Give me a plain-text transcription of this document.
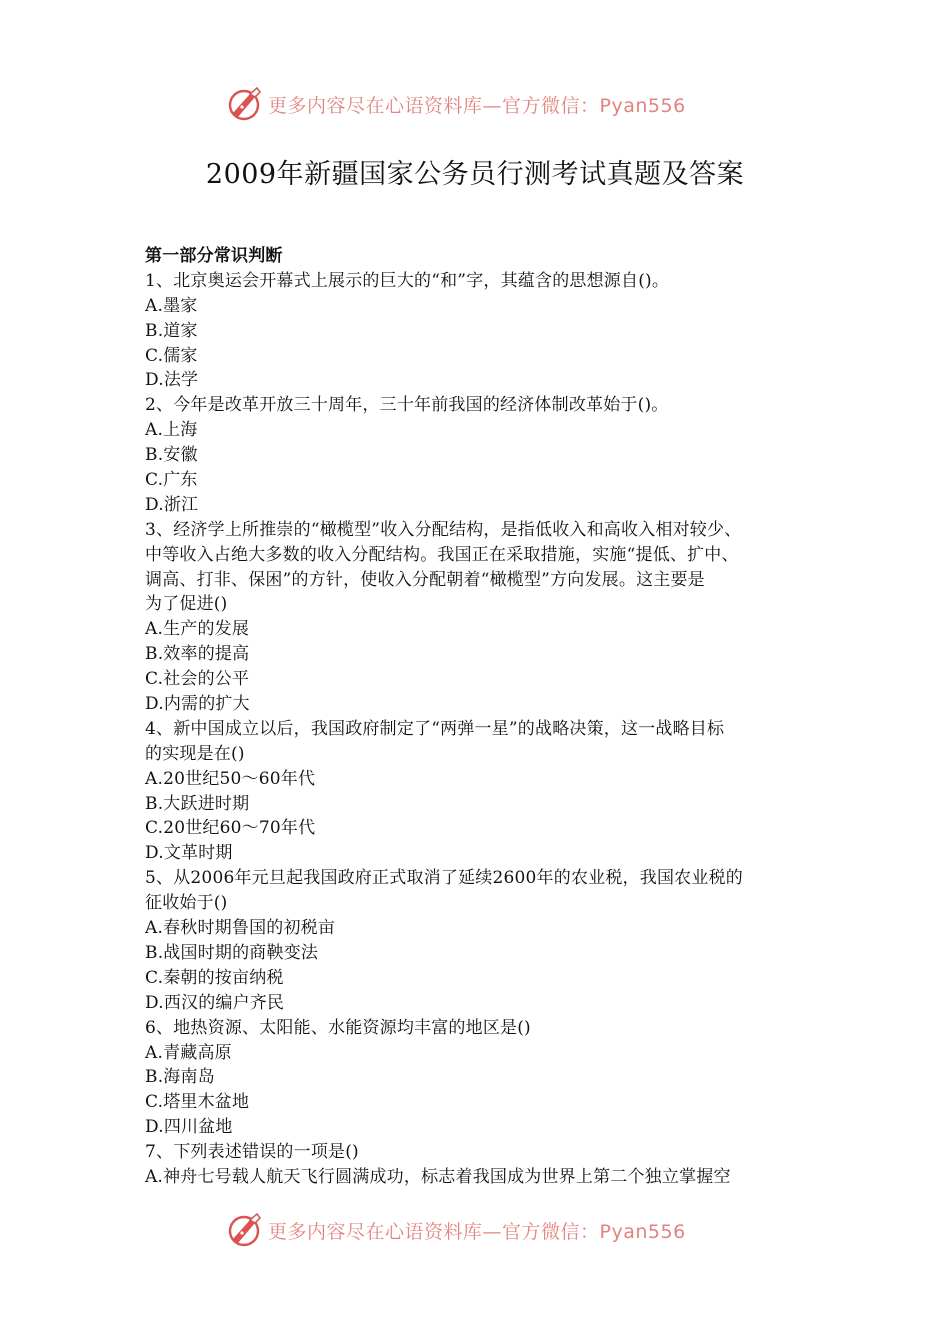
更多内容尽在心语资料库—官方微信：Pyan556
2009年新疆国家公务员行测考试真题及答案
第一部分常识判断
1、北京奥运会开幕式上展示的巨大的“和”字，其蕴含的思想源自()。
A.墨家
B.道家
C.儒家
D.法学
2、今年是改革开放三十周年，三十年前我国的经济体制改革始于()。
A.上海
B.安徽
C.广东
D.浙江
3、经济学上所推崇的“橄榄型”收入分配结构，是指低收入和高收入相对较少、
中等收入占绝大多数的收入分配结构。我国正在采取措施，实施“提低、扩中、
调高、打非、保困”的方针，使收入分配朝着“橄榄型”方向发展。这主要是
为了促进()
A.生产的发展
B.效率的提高
C.社会的公平
D.内需的扩大
4、新中国成立以后，我国政府制定了“两弹一星”的战略决策，这一战略目标
的实现是在()
A.20世纪50～60年代
B.大跃进时期
C.20世纪60～70年代
D.文革时期
5、从2006年元旦起我国政府正式取消了延续2600年的农业税，我国农业税的
征收始于()
A.春秋时期鲁国的初税亩
B.战国时期的商鞅变法
C.秦朝的按亩纳税
D.西汉的编户齐民
6、地热资源、太阳能、水能资源均丰富的地区是()
A.青藏高原
B.海南岛
C.塔里木盆地
D.四川盆地
7、下列表述错误的一项是()
A.神舟七号载人航天飞行圆满成功，标志着我国成为世界上第二个独立掌握空
更多内容尽在心语资料库—官方微信：Pyan556
